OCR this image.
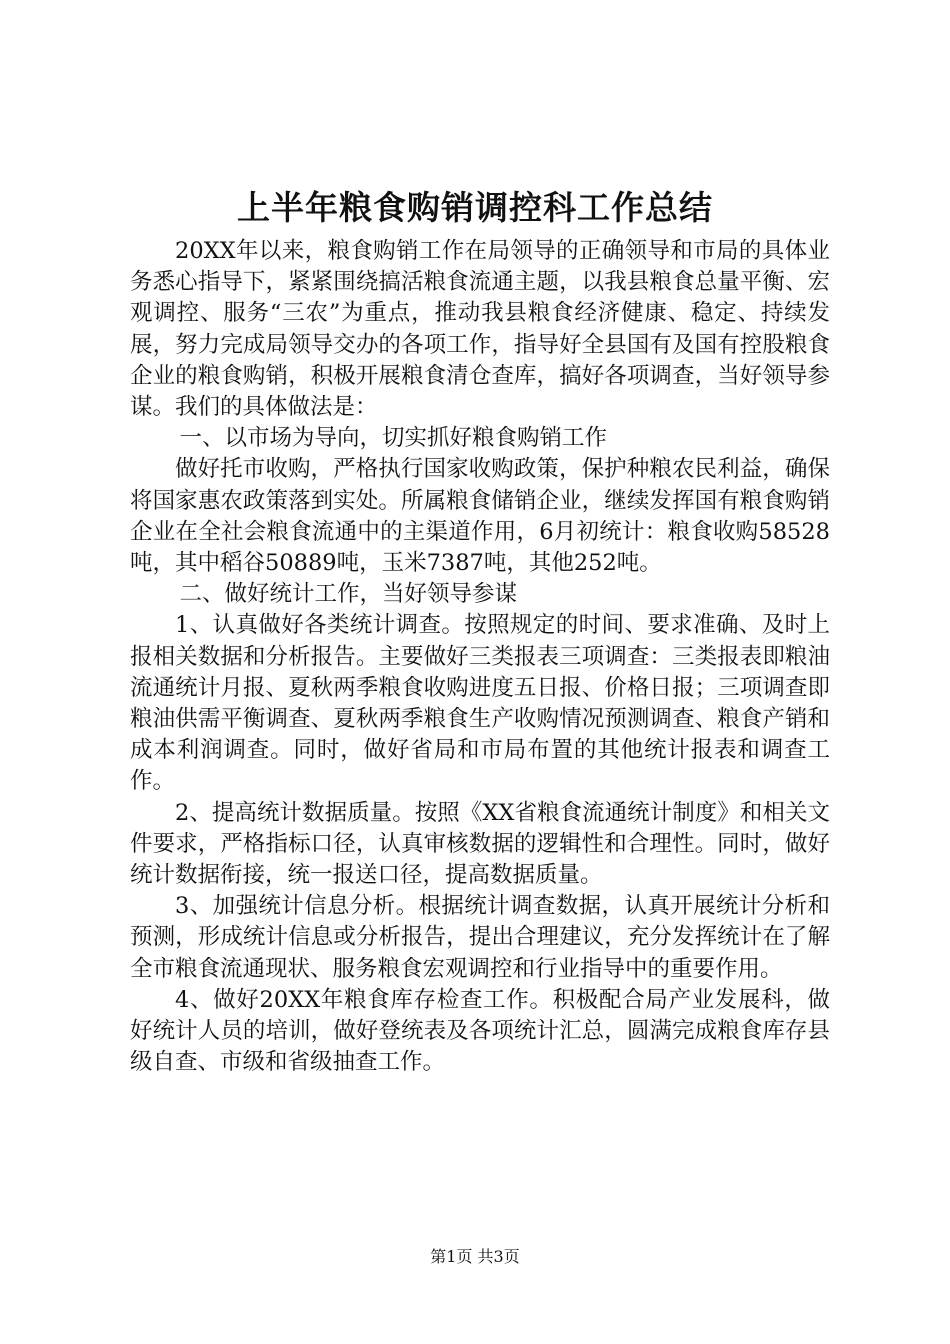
上半年粮食购销调控科工作总结

20XX年以来，粮食购销工作在局领导的正确领导和市局的具体业务悉心指导下，紧紧围绕搞活粮食流通主题，以我县粮食总量平衡、宏观调控、服务“三农”为重点，推动我县粮食经济健康、稳定、持续发展，努力完成局领导交办的各项工作，指导好全县国有及国有控股粮食企业的粮食购销，积极开展粮食清仓查库，搞好各项调查，当好领导参谋。我们的具体做法是：

一、以市场为导向，切实抓好粮食购销工作

做好托市收购，严格执行国家收购政策，保护种粮农民利益，确保将国家惠农政策落到实处。所属粮食储销企业，继续发挥国有粮食购销企业在全社会粮食流通中的主渠道作用，6月初统计：粮食收购58528吨，其中稻谷50889吨，玉米7387吨，其他252吨。

二、做好统计工作，当好领导参谋

1、认真做好各类统计调查。按照规定的时间、要求准确、及时上报相关数据和分析报告。主要做好三类报表三项调查：三类报表即粮油流通统计月报、夏秋两季粮食收购进度五日报、价格日报；三项调查即粮油供需平衡调查、夏秋两季粮食生产收购情况预测调查、粮食产销和成本利润调查。同时，做好省局和市局布置的其他统计报表和调查工作。

2、提高统计数据质量。按照《XX省粮食流通统计制度》和相关文件要求，严格指标口径，认真审核数据的逻辑性和合理性。同时，做好统计数据衔接，统一报送口径，提高数据质量。

3、加强统计信息分析。根据统计调查数据，认真开展统计分析和预测，形成统计信息或分析报告，提出合理建议，充分发挥统计在了解全市粮食流通现状、服务粮食宏观调控和行业指导中的重要作用。

4、做好20XX年粮食库存检查工作。积极配合局产业发展科，做好统计人员的培训，做好登统表及各项统计汇总，圆满完成粮食库存县级自查、市级和省级抽查工作。

第1页 共3页
